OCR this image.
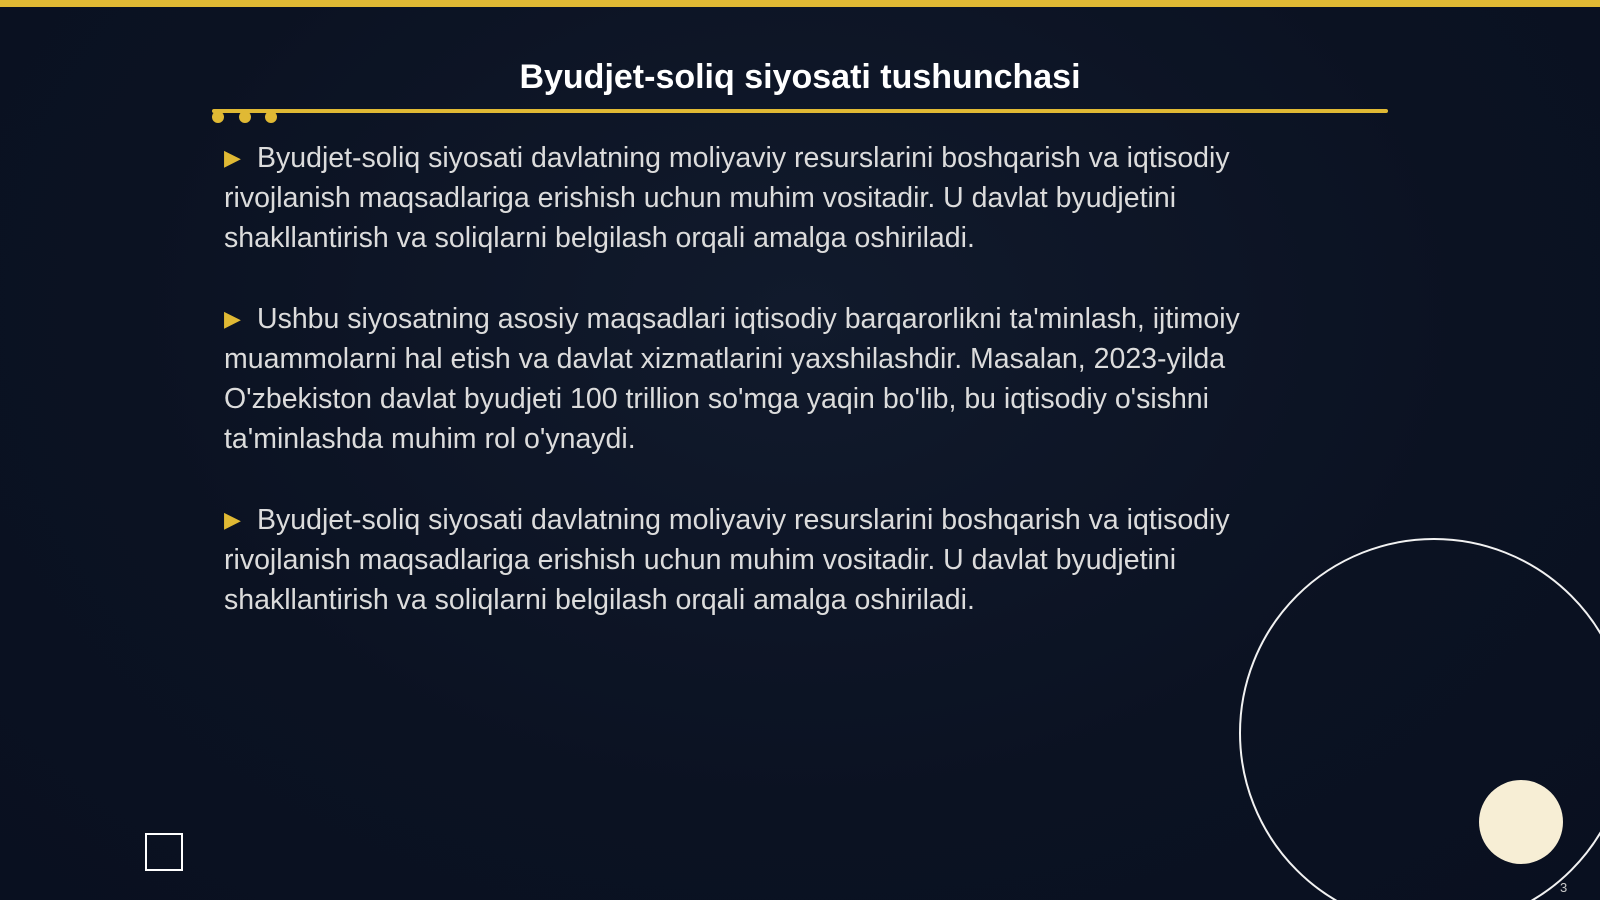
Byudjet-soliq siyosati tushunchasi

▶ Byudjet-soliq siyosati davlatning moliyaviy resurslarini boshqarish va iqtisodiy rivojlanish maqsadlariga erishish uchun muhim vositadir. U davlat byudjetini shakllantirish va soliqlarni belgilash orqali amalga oshiriladi.

▶ Ushbu siyosatning asosiy maqsadlari iqtisodiy barqarorlikni ta'minlash, ijtimoiy muammolarni hal etish va davlat xizmatlarini yaxshilashdir. Masalan, 2023-yilda O'zbekiston davlat byudjeti 100 trillion so'mga yaqin bo'lib, bu iqtisodiy o'sishni ta'minlashda muhim rol o'ynaydi.

▶ Byudjet-soliq siyosati davlatning moliyaviy resurslarini boshqarish va iqtisodiy rivojlanish maqsadlariga erishish uchun muhim vositadir. U davlat byudjetini shakllantirish va soliqlarni belgilash orqali amalga oshiriladi.

3
